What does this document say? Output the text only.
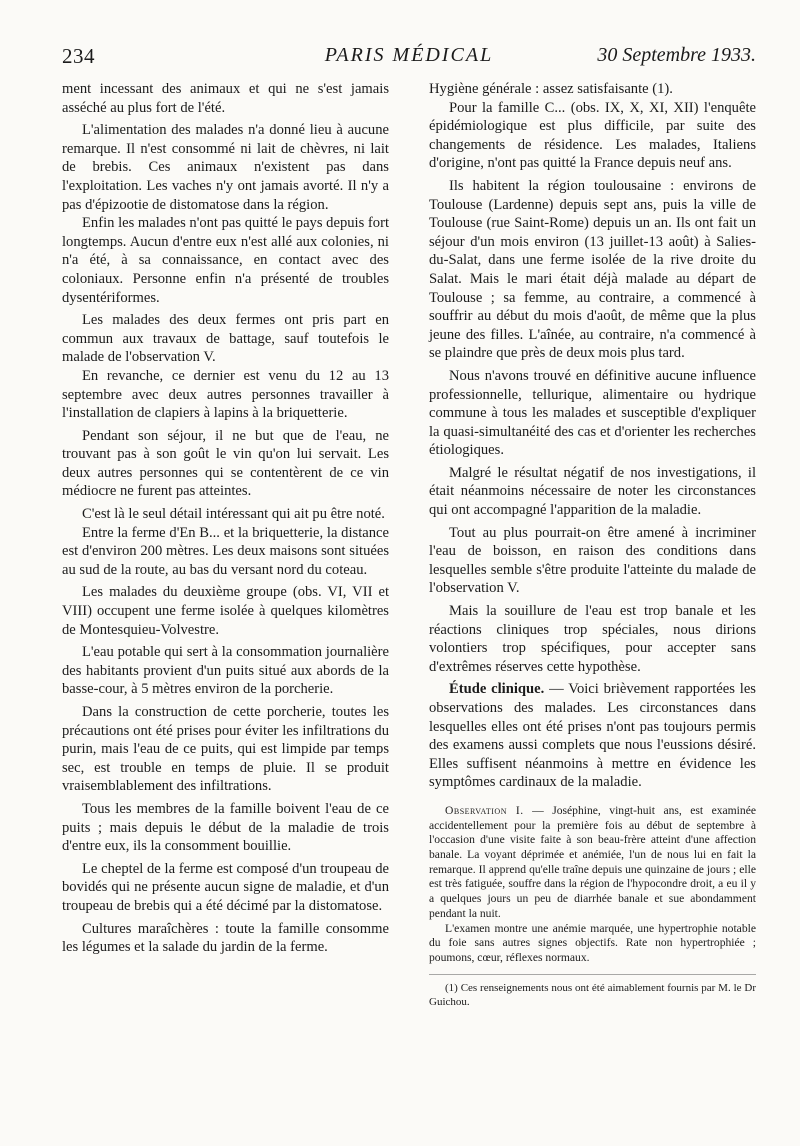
234	PARIS MÉDICAL	30 Septembre 1933.

ment incessant des animaux et qui ne s'est jamais asséché au plus fort de l'été.

L'alimentation des malades n'a donné lieu à aucune remarque. Il n'est consommé ni lait de chèvres, ni lait de brebis. Ces animaux n'existent pas dans l'exploitation. Les vaches n'y ont jamais avorté. Il n'y a pas d'épizootie de distomatose dans la région.

Enfin les malades n'ont pas quitté le pays depuis fort longtemps. Aucun d'entre eux n'est allé aux colonies, ni n'a été, à sa connaissance, en contact avec des coloniaux. Personne enfin n'a présenté de troubles dysentériformes.

Les malades des deux fermes ont pris part en commun aux travaux de battage, sauf toutefois le malade de l'observation V.

En revanche, ce dernier est venu du 12 au 13 septembre avec deux autres personnes travailler à l'installation de clapiers à lapins à la briquetterie.

Pendant son séjour, il ne but que de l'eau, ne trouvant pas à son goût le vin qu'on lui servait. Les deux autres personnes qui se contentèrent de ce vin médiocre ne furent pas atteintes.

C'est là le seul détail intéressant qui ait pu être noté.

Entre la ferme d'En B... et la briquetterie, la distance est d'environ 200 mètres. Les deux maisons sont situées au sud de la route, au bas du versant nord du coteau.

Les malades du deuxième groupe (obs. VI, VII et VIII) occupent une ferme isolée à quelques kilomètres de Montesquieu-Volvestre.

L'eau potable qui sert à la consommation journalière des habitants provient d'un puits situé aux abords de la basse-cour, à 5 mètres environ de la porcherie.

Dans la construction de cette porcherie, toutes les précautions ont été prises pour éviter les infiltrations du purin, mais l'eau de ce puits, qui est limpide par temps sec, est trouble en temps de pluie. Il se produit vraisemblablement des infiltrations.

Tous les membres de la famille boivent l'eau de ce puits ; mais depuis le début de la maladie de trois d'entre eux, ils la consomment bouillie.

Le cheptel de la ferme est composé d'un troupeau de bovidés qui ne présente aucun signe de maladie, et d'un troupeau de brebis qui a été décimé par la distomatose.

Cultures maraîchères : toute la famille consomme les légumes et la salade du jardin de la ferme.

Hygiène générale : assez satisfaisante (1).

Pour la famille C... (obs. IX, X, XI, XII) l'enquête épidémiologique est plus difficile, par suite des changements de résidence. Les malades, Italiens d'origine, n'ont pas quitté la France depuis neuf ans.

Ils habitent la région toulousaine : environs de Toulouse (Lardenne) depuis sept ans, puis la ville de Toulouse (rue Saint-Rome) depuis un an. Ils ont fait un séjour d'un mois environ (13 juillet-13 août) à Salies-du-Salat, dans une ferme isolée de la rive droite du Salat. Mais le mari était déjà malade au départ de Toulouse ; sa femme, au contraire, a commencé à souffrir au début du mois d'août, de même que la plus jeune des filles. L'aînée, au contraire, n'a commencé à se plaindre que près de deux mois plus tard.

Nous n'avons trouvé en définitive aucune influence professionnelle, tellurique, alimentaire ou hydrique commune à tous les malades et susceptible d'expliquer la quasi-simultanéité des cas et d'orienter les recherches étiologiques.

Malgré le résultat négatif de nos investigations, il était néanmoins nécessaire de noter les circonstances qui ont accompagné l'apparition de la maladie.

Tout au plus pourrait-on être amené à incriminer l'eau de boisson, en raison des conditions dans lesquelles semble s'être produite l'atteinte du malade de l'observation V.

Mais la souillure de l'eau est trop banale et les réactions cliniques trop spéciales, nous dirions volontiers trop spécifiques, pour accepter sans d'extrêmes réserves cette hypothèse.

Étude clinique. — Voici brièvement rapportées les observations des malades. Les circonstances dans lesquelles elles ont été prises n'ont pas toujours permis des examens aussi complets que nous l'eussions désiré. Elles suffisent néanmoins à mettre en évidence les symptômes cardinaux de la maladie.

Observation I. — Joséphine, vingt-huit ans, est examinée accidentellement pour la première fois au début de septembre à l'occasion d'une visite faite à son beau-frère atteint d'une affection banale. La voyant déprimée et anémiée, l'un de nous lui en fait la remarque. Il apprend qu'elle traîne depuis une quinzaine de jours ; elle est très fatiguée, souffre dans la région de l'hypocondre droit, a eu il y a quelques jours un peu de diarrhée banale et sue abondamment pendant la nuit.

L'examen montre une anémie marquée, une hypertrophie notable du foie sans autres signes objectifs. Rate non hypertrophiée ; poumons, cœur, réflexes normaux.

(1) Ces renseignements nous ont été aimablement fournis par M. le Dr Guichou.
